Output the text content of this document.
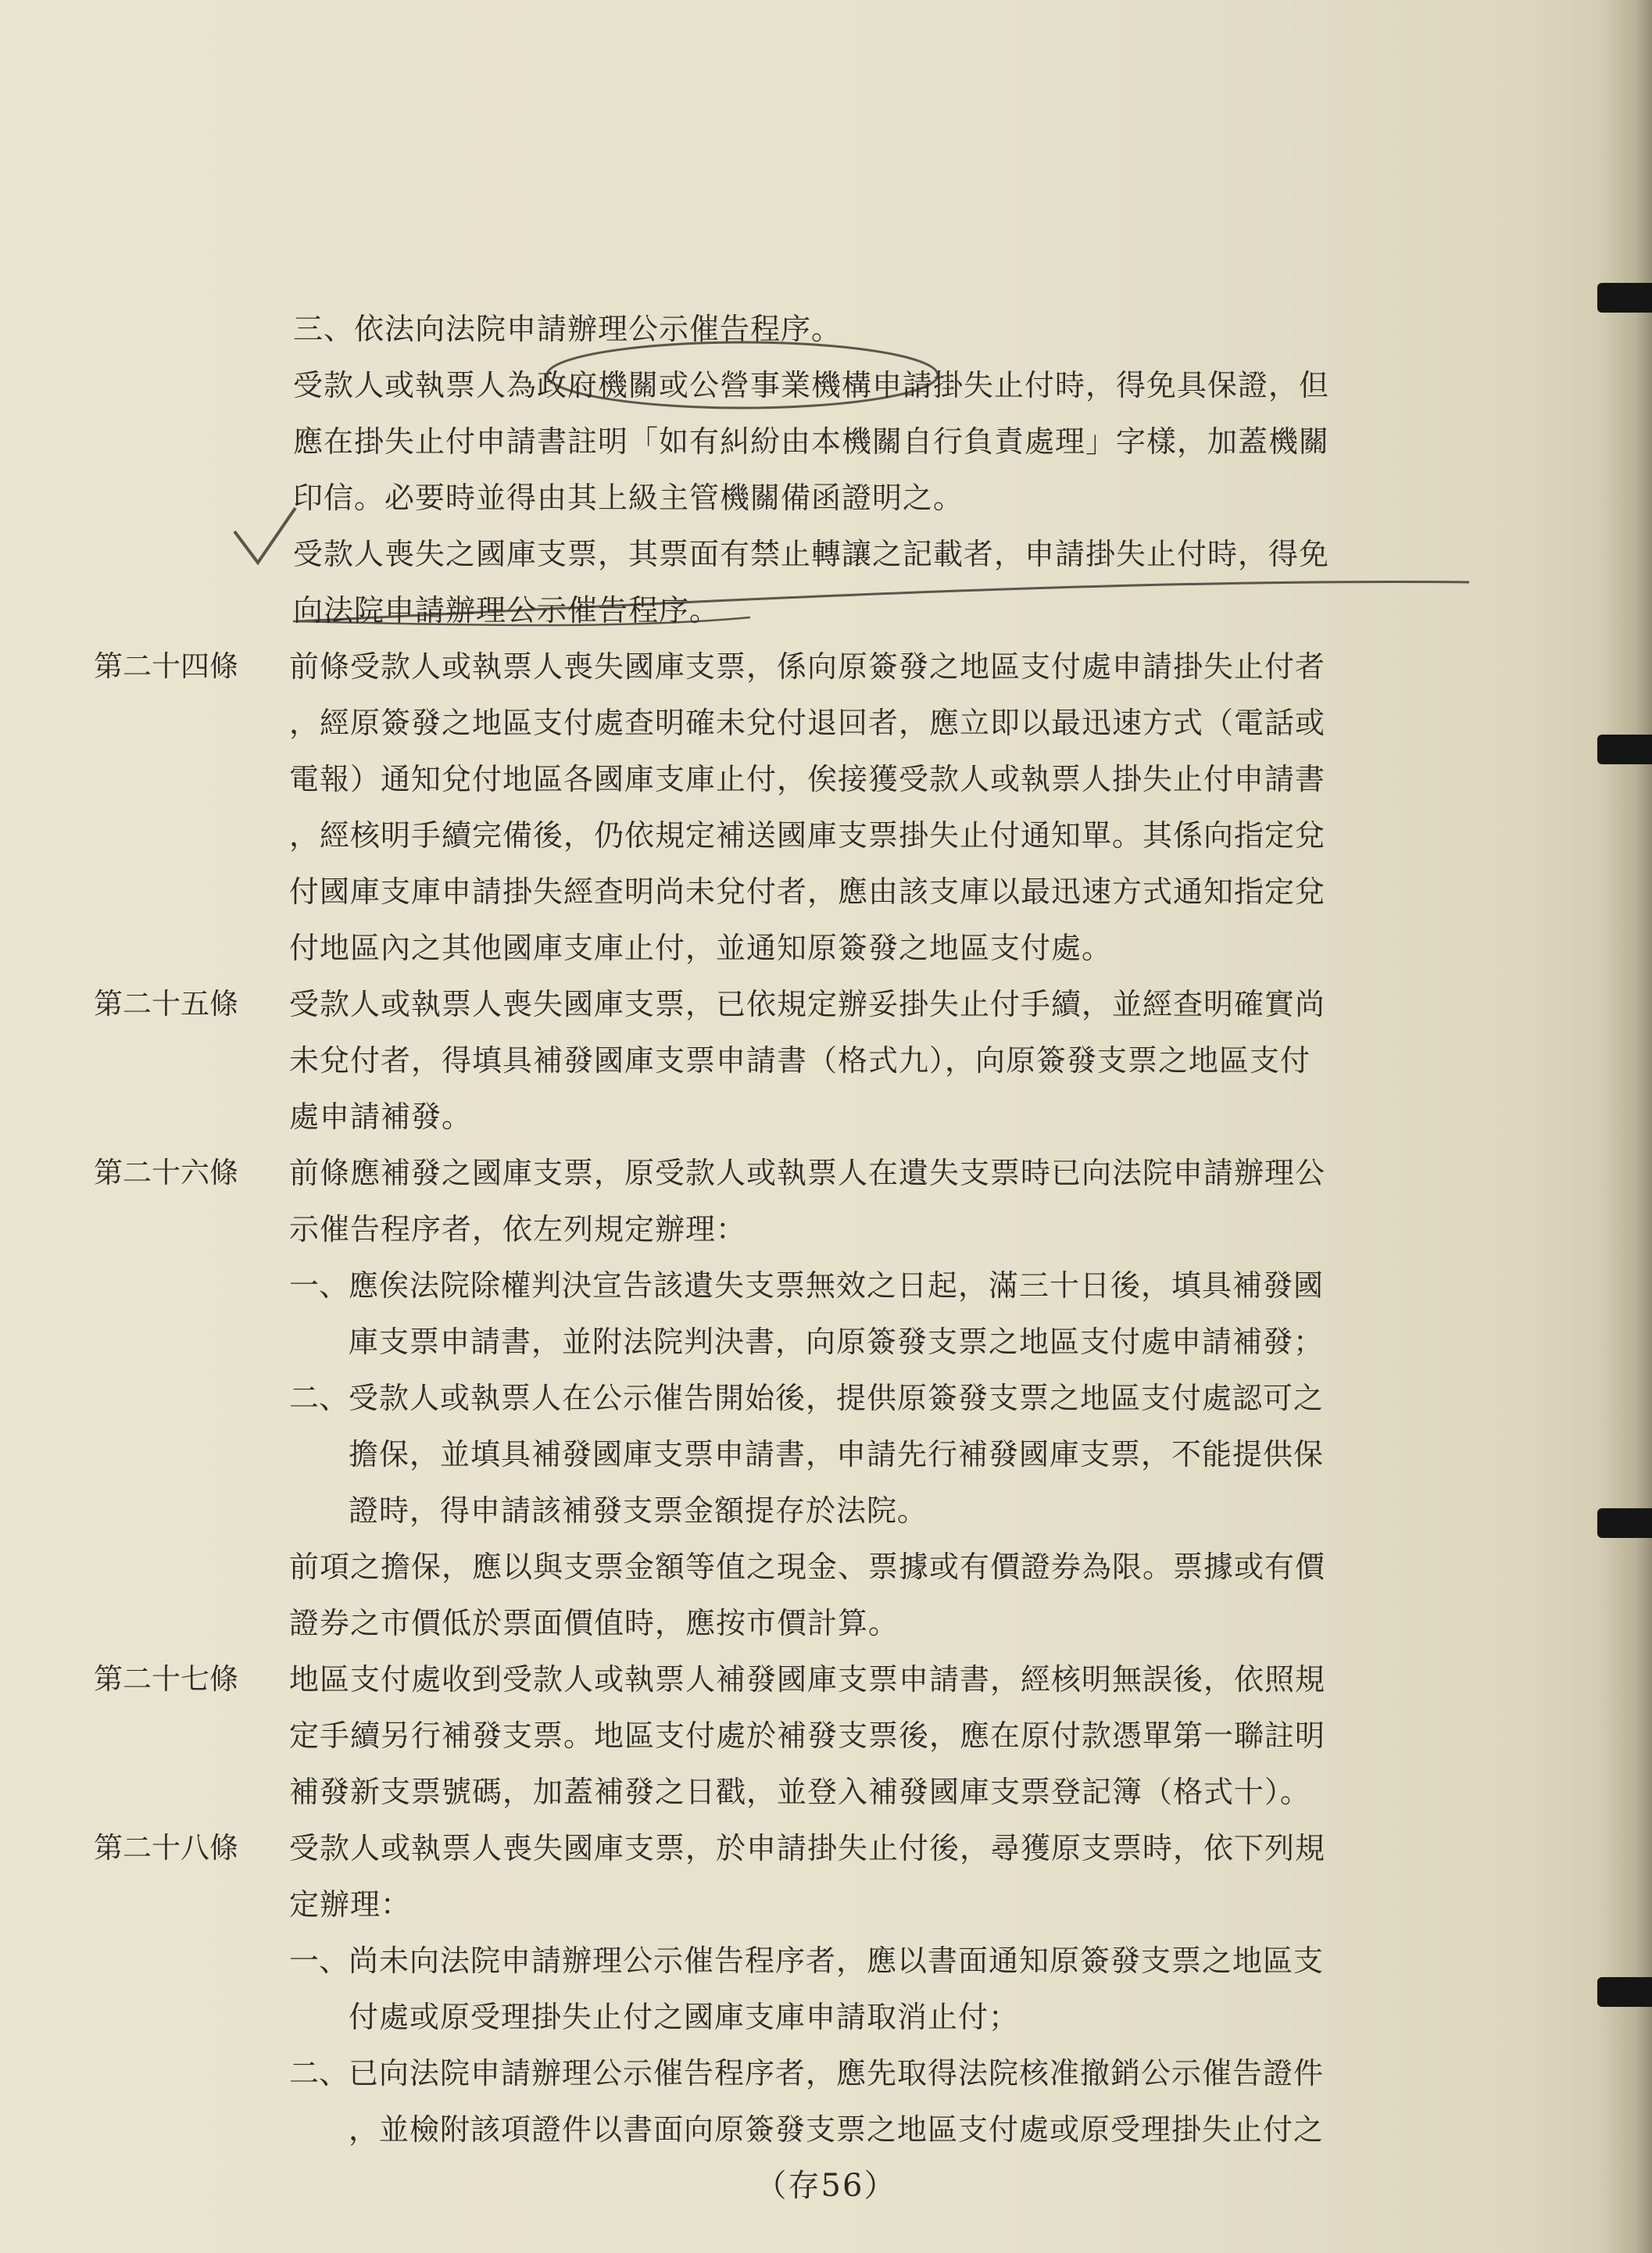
三、依法向法院申請辦理公示催告程序。
受款人或執票人為政府機關或公營事業機構申請掛失止付時，得免具保證，但
應在掛失止付申請書註明「如有糾紛由本機關自行負責處理」字樣，加蓋機關
印信。必要時並得由其上級主管機關備函證明之。
受款人喪失之國庫支票，其票面有禁止轉讓之記載者，申請掛失止付時，得免
向法院申請辦理公示催告程序。
第二十四條	前條受款人或執票人喪失國庫支票，係向原簽發之地區支付處申請掛失止付者
，經原簽發之地區支付處查明確未兌付退回者，應立即以最迅速方式（電話或
電報）通知兌付地區各國庫支庫止付，俟接獲受款人或執票人掛失止付申請書
，經核明手續完備後，仍依規定補送國庫支票掛失止付通知單。其係向指定兌
付國庫支庫申請掛失經查明尚未兌付者，應由該支庫以最迅速方式通知指定兌
付地區內之其他國庫支庫止付，並通知原簽發之地區支付處。
第二十五條	受款人或執票人喪失國庫支票，已依規定辦妥掛失止付手續，並經查明確實尚
未兌付者，得填具補發國庫支票申請書（格式九），向原簽發支票之地區支付
處申請補發。
第二十六條	前條應補發之國庫支票，原受款人或執票人在遺失支票時已向法院申請辦理公
示催告程序者，依左列規定辦理：
一、 應俟法院除權判決宣告該遺失支票無效之日起，滿三十日後，填具補發國
庫支票申請書，並附法院判決書，向原簽發支票之地區支付處申請補發；
二、 受款人或執票人在公示催告開始後，提供原簽發支票之地區支付處認可之
擔保，並填具補發國庫支票申請書，申請先行補發國庫支票，不能提供保
證時，得申請該補發支票金額提存於法院。
前項之擔保，應以與支票金額等值之現金、票據或有價證券為限。票據或有價
證券之市價低於票面價值時，應按市價計算。
第二十七條	地區支付處收到受款人或執票人補發國庫支票申請書，經核明無誤後，依照規
定手續另行補發支票。地區支付處於補發支票後，應在原付款憑單第一聯註明
補發新支票號碼，加蓋補發之日戳，並登入補發國庫支票登記簿（格式十）。
第二十八條	受款人或執票人喪失國庫支票，於申請掛失止付後，尋獲原支票時，依下列規
定辦理：
一、 尚未向法院申請辦理公示催告程序者，應以書面通知原簽發支票之地區支
付處或原受理掛失止付之國庫支庫申請取消止付；
二、 已向法院申請辦理公示催告程序者，應先取得法院核准撤銷公示催告證件
，並檢附該項證件以書面向原簽發支票之地區支付處或原受理掛失止付之
（存56）
